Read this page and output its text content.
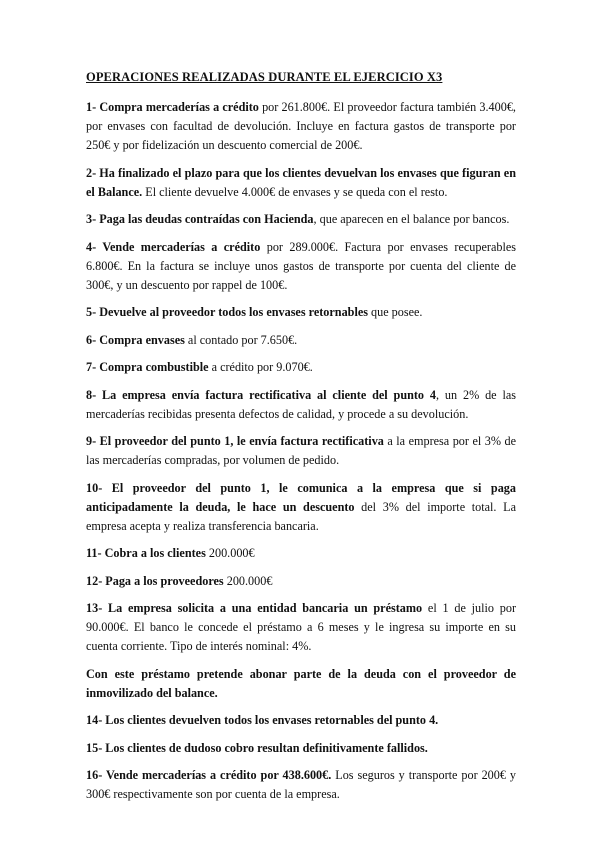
OPERACIONES REALIZADAS DURANTE EL EJERCICIO X3

1- Compra mercaderías a crédito por 261.800€. El proveedor factura también 3.400€, por envases con facultad de devolución. Incluye en factura gastos de transporte por 250€ y por fidelización un descuento comercial de 200€.

2- Ha finalizado el plazo para que los clientes devuelvan los envases que figuran en el Balance. El cliente devuelve 4.000€ de envases y se queda con el resto.

3- Paga las deudas contraídas con Hacienda, que aparecen en el balance por bancos.

4- Vende mercaderías a crédito por 289.000€. Factura por envases recuperables 6.800€. En la factura se incluye unos gastos de transporte por cuenta del cliente de 300€, y un descuento por rappel de 100€.

5- Devuelve al proveedor todos los envases retornables que posee.

6- Compra envases al contado por 7.650€.

7- Compra combustible a crédito por 9.070€.

8- La empresa envía factura rectificativa al cliente del punto 4, un 2% de las mercaderías recibidas presenta defectos de calidad, y procede a su devolución.

9- El proveedor del punto 1, le envía factura rectificativa a la empresa por el 3% de las mercaderías compradas, por volumen de pedido.

10- El proveedor del punto 1, le comunica a la empresa que si paga anticipadamente la deuda, le hace un descuento del 3% del importe total. La empresa acepta y realiza transferencia bancaria.

11- Cobra a los clientes 200.000€

12- Paga a los proveedores 200.000€

13- La empresa solicita a una entidad bancaria un préstamo el 1 de julio por 90.000€. El banco le concede el préstamo a 6 meses y le ingresa su importe en su cuenta corriente. Tipo de interés nominal: 4%.

Con este préstamo pretende abonar parte de la deuda con el proveedor de inmovilizado del balance.

14- Los clientes devuelven todos los envases retornables del punto 4.

15- Los clientes de dudoso cobro resultan definitivamente fallidos.

16- Vende mercaderías a crédito por 438.600€. Los seguros y transporte por 200€ y 300€ respectivamente son por cuenta de la empresa.
